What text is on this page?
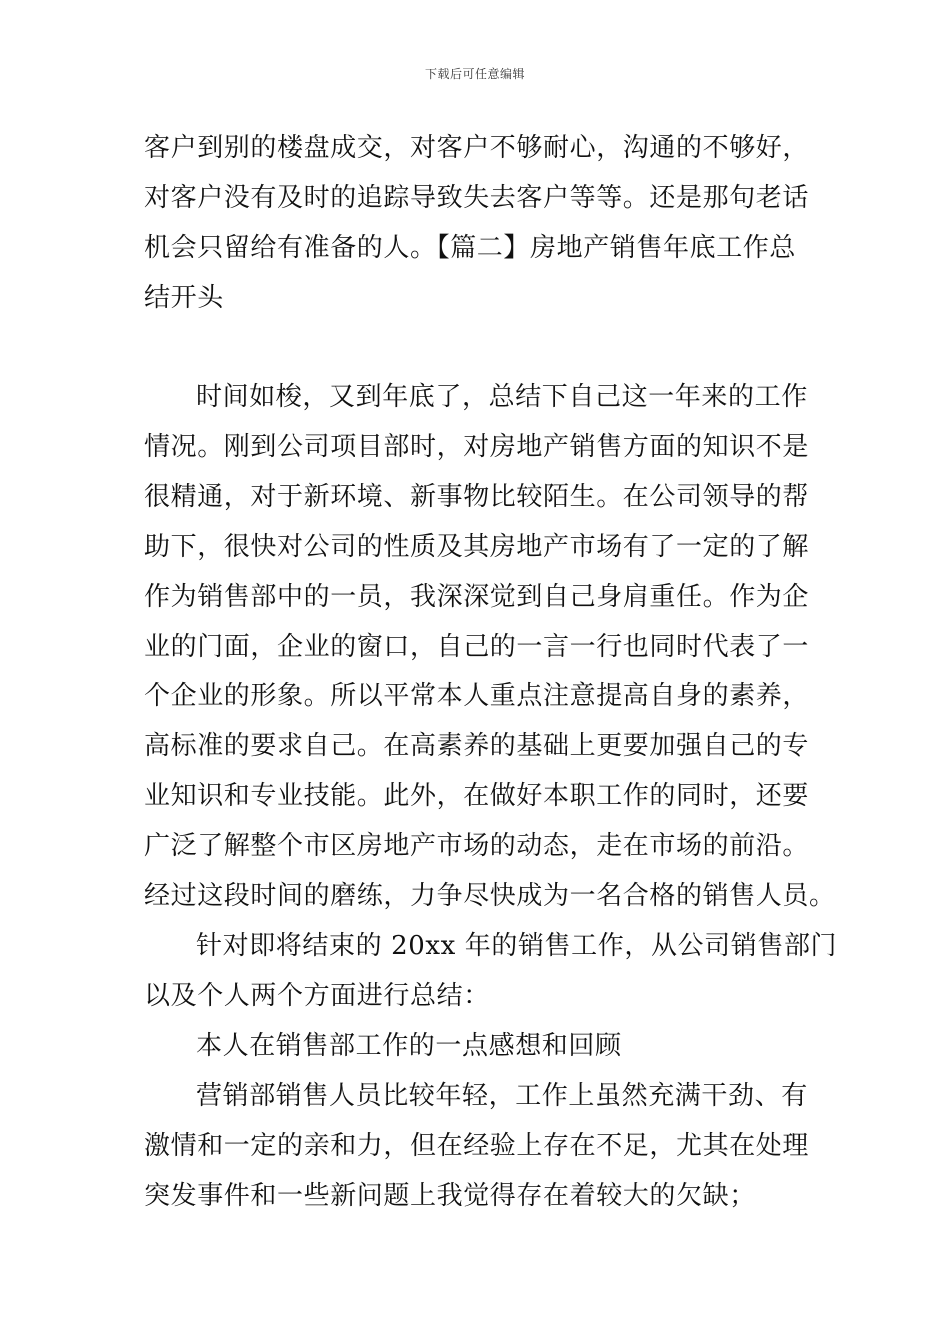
下载后可任意编辑
客户到别的楼盘成交，对客户不够耐心，沟通的不够好，
对客户没有及时的追踪导致失去客户等等。还是那句老话
机会只留给有准备的人。【篇二】房地产销售年底工作总
结开头
时间如梭，又到年底了，总结下自己这一年来的工作
情况。刚到公司项目部时，对房地产销售方面的知识不是
很精通，对于新环境、新事物比较陌生。在公司领导的帮
助下，很快对公司的性质及其房地产市场有了一定的了解
作为销售部中的一员，我深深觉到自己身肩重任。作为企
业的门面，企业的窗口，自己的一言一行也同时代表了一
个企业的形象。所以平常本人重点注意提高自身的素养，
高标准的要求自己。在高素养的基础上更要加强自己的专
业知识和专业技能。此外，在做好本职工作的同时，还要
广泛了解整个市区房地产市场的动态，走在市场的前沿。
经过这段时间的磨练，力争尽快成为一名合格的销售人员。
针对即将结束的 20xx 年的销售工作，从公司销售部门
以及个人两个方面进行总结：
本人在销售部工作的一点感想和回顾
营销部销售人员比较年轻，工作上虽然充满干劲、有
激情和一定的亲和力，但在经验上存在不足，尤其在处理
突发事件和一些新问题上我觉得存在着较大的欠缺；
